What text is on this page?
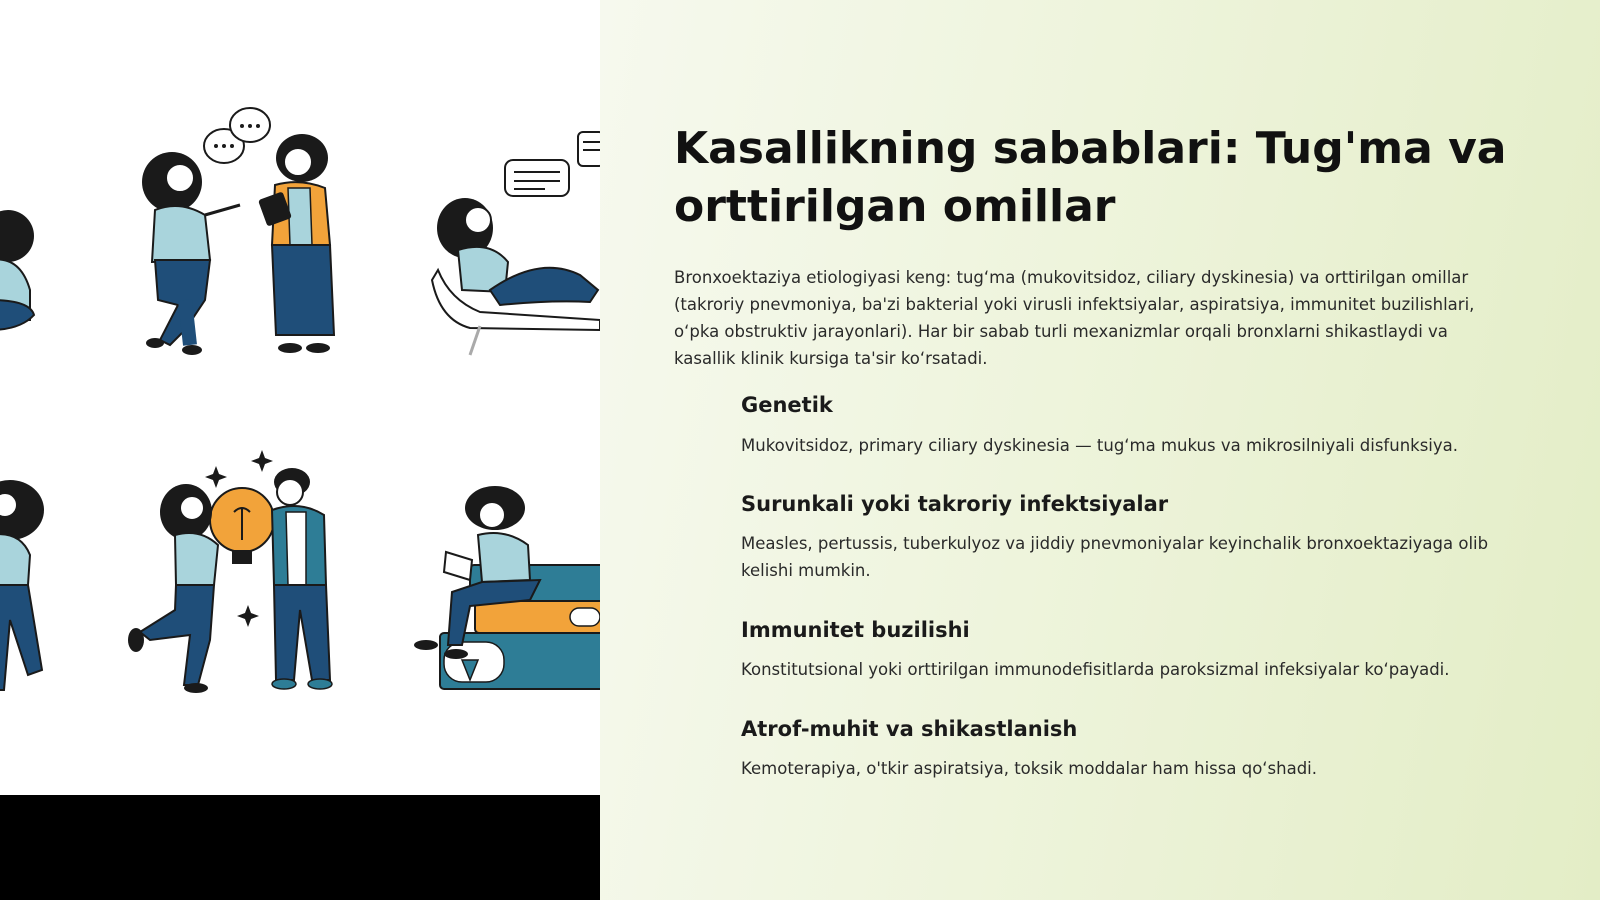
Kasallikning sabablari: Tug'ma va orttirilgan omillar

Bronxoektaziya etiologiyasi keng: tug‘ma (mukovitsidoz, ciliary dyskinesia) va orttirilgan omillar (takroriy pnevmoniya, ba'zi bakterial yoki virusli infektsiyalar, aspiratsiya, immunitet buzilishlari, o‘pka obstruktiv jarayonlari). Har bir sabab turli mexanizmlar orqali bronxlarni shikastlaydi va kasallik klinik kursiga ta'sir ko‘rsatadi.

Genetik

Mukovitsidoz, primary ciliary dyskinesia — tug‘ma mukus va mikrosilniyali disfunksiya.

Surunkali yoki takroriy infektsiyalar

Measles, pertussis, tuberkulyoz va jiddiy pnevmoniyalar keyinchalik bronxoektaziyaga olib kelishi mumkin.

Immunitet buzilishi

Konstitutsional yoki orttirilgan immunodefisitlarda paroksizmal infeksiyalar ko‘payadi.

Atrof-muhit va shikastlanish

Kemoterapiya, o'tkir aspiratsiya, toksik moddalar ham hissa qo‘shadi.
